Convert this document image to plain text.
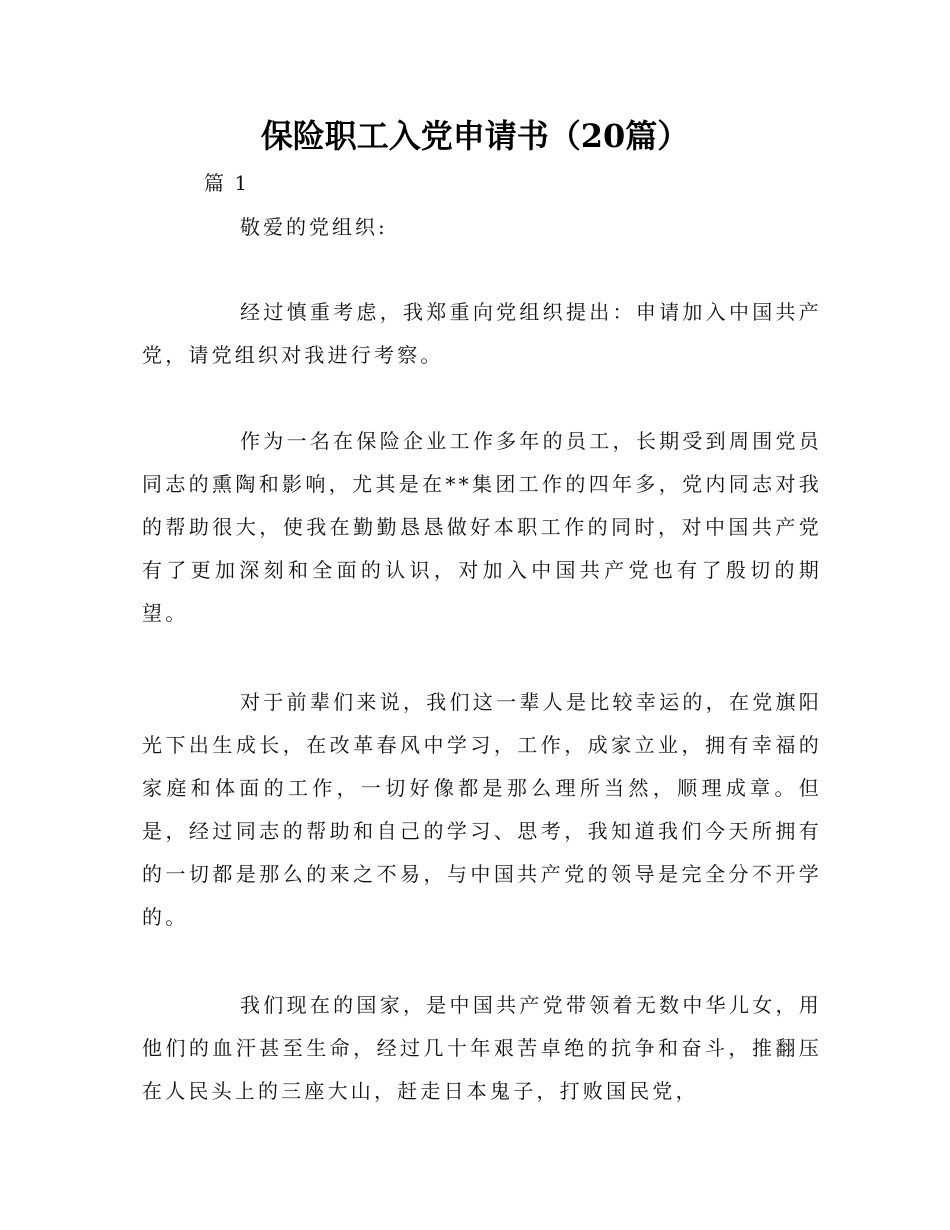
保险职工入党申请书（20篇）

篇 1

敬爱的党组织:

经过慎重考虑，我郑重向党组织提出：申请加入中国共产党，请党组织对我进行考察。

作为一名在保险企业工作多年的员工，长期受到周围党员同志的熏陶和影响，尤其是在**集团工作的四年多，党内同志对我的帮助很大，使我在勤勤恳恳做好本职工作的同时，对中国共产党有了更加深刻和全面的认识，对加入中国共产党也有了殷切的期望。

对于前辈们来说，我们这一辈人是比较幸运的，在党旗阳光下出生成长，在改革春风中学习，工作，成家立业，拥有幸福的家庭和体面的工作，一切好像都是那么理所当然，顺理成章。但是，经过同志的帮助和自己的学习、思考，我知道我们今天所拥有的一切都是那么的来之不易，与中国共产党的领导是完全分不开学的。

我们现在的国家，是中国共产党带领着无数中华儿女，用他们的血汗甚至生命，经过几十年艰苦卓绝的抗争和奋斗，推翻压在人民头上的三座大山，赶走日本鬼子，打败国民党，
